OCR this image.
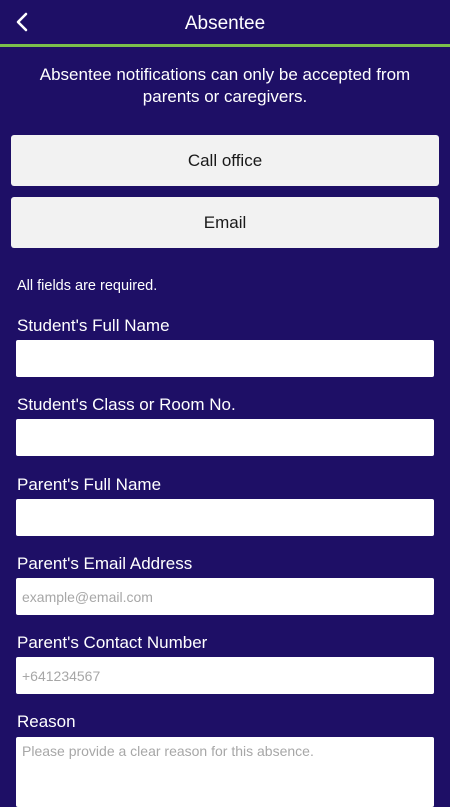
Absentee
Absentee notifications can only be accepted from parents or caregivers.
Call office
Email
All fields are required.
Student's Full Name
Student's Class or Room No.
Parent's Full Name
Parent's Email Address
example@email.com
Parent's Contact Number
+641234567
Reason
Please provide a clear reason for this absence.
